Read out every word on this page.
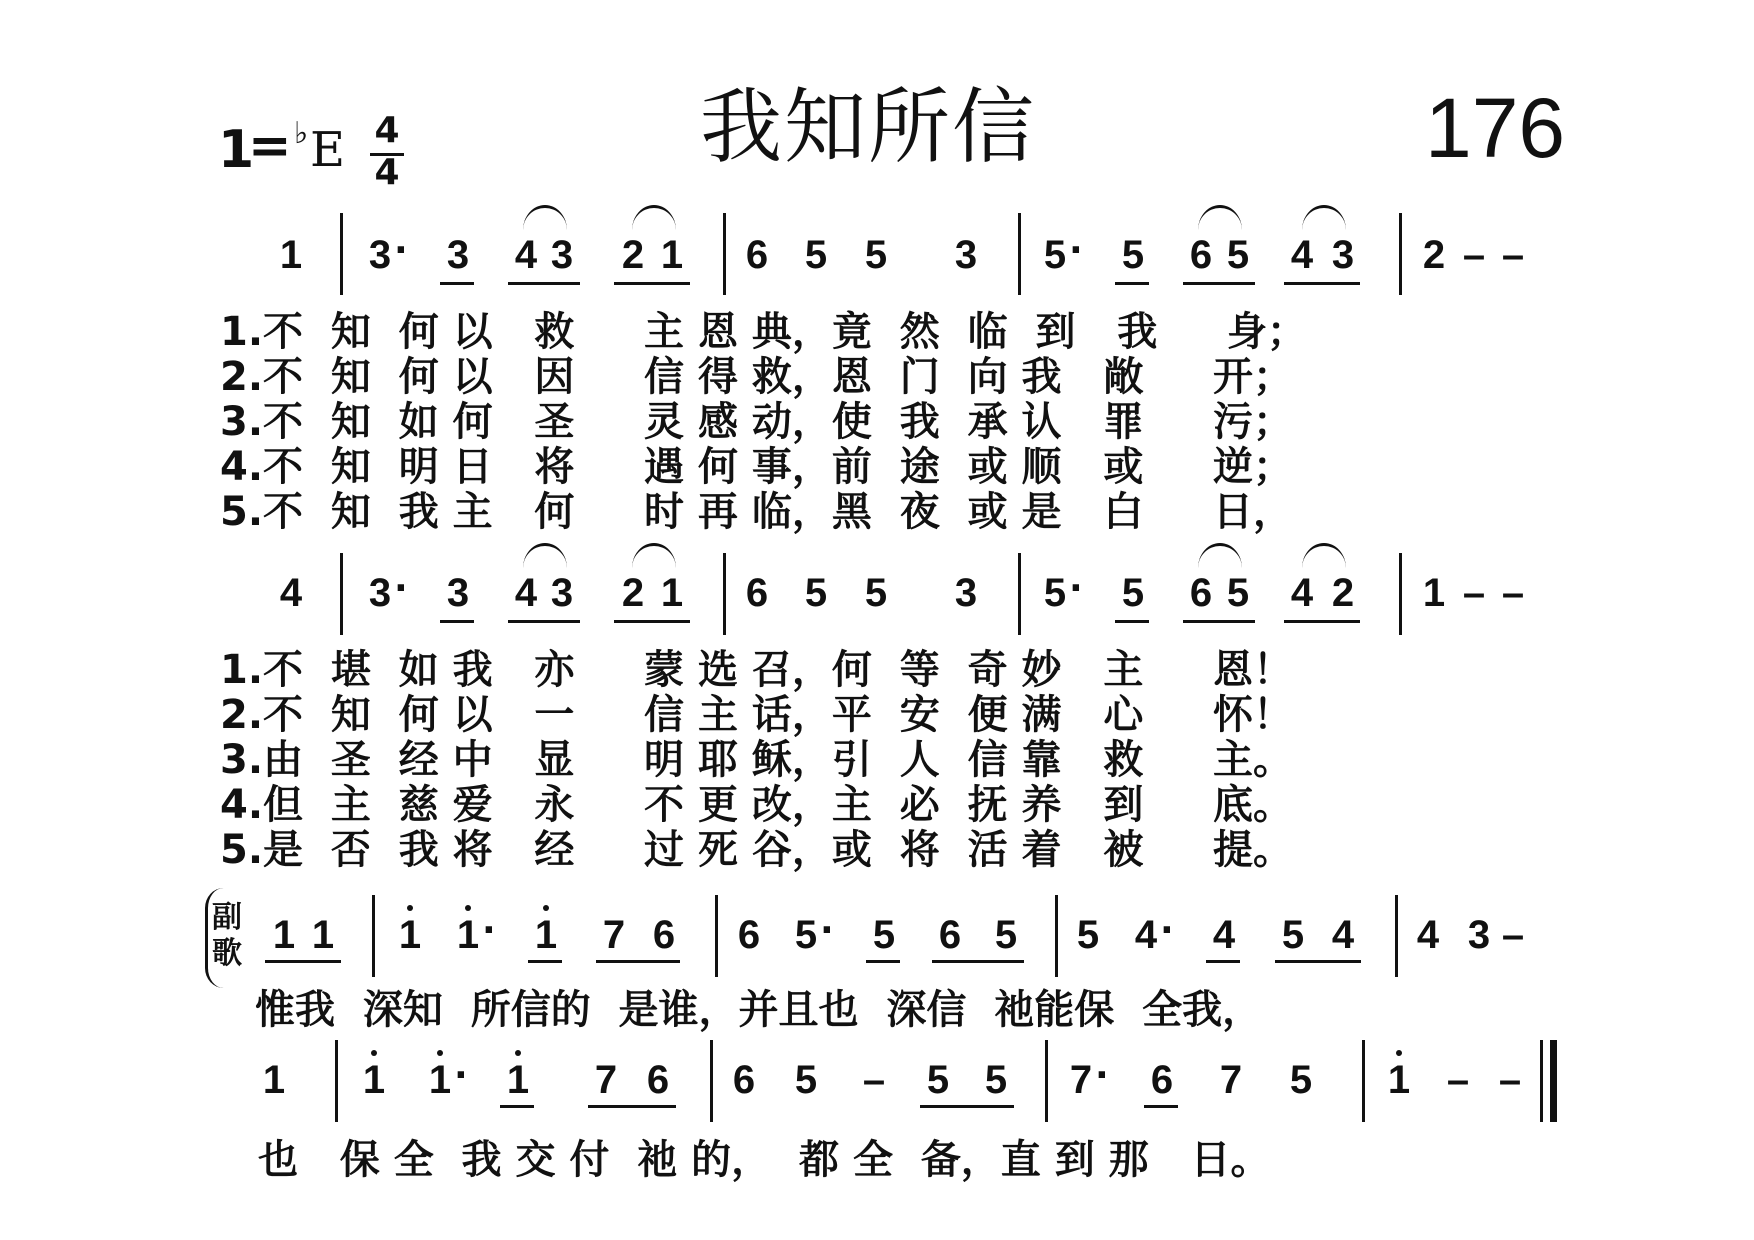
我知所信	176
1
= ♭ E 4
4
1 3 · 3 4 3 2 1 6 5 5 3 5 · 5 6 5 4 3 2 – –
1.不  知  何 以   救     主 恩 典，竟  然  临  到   我     身；
2.不  知  何 以   因     信 得 救，恩  门  向 我   敞     开；
3.不  知  如 何   圣     灵 感 动，使  我  承 认   罪     污；
4.不  知  明 日   将     遇 何 事，前  途  或 顺   或     逆；
5.不  知  我 主   何     时 再 临，黑  夜  或 是   白     日，
4 3 · 3 4 3 2 1 6 5 5 3 5 · 5 6 5 4 2 1 – –
1.不  堪  如 我   亦     蒙 选 召，何  等  奇 妙   主     恩！
2.不  知  何 以   一     信 主 话，平  安  便 满   心     怀！
3.由  圣  经 中   显     明 耶 稣，引  人  信 靠   救     主。
4.但  主  慈 爱   永     不 更 改，主  必  抚 养   到     底。
5.是  否  我 将   经     过 死 谷，或  将  活 着   被     提。
副歌 1 1 1 1 · 1 7 6 6 5 · 5 6 5 5 4 · 4 5 4 4 3 –
惟我  深知  所信的  是谁，并且也  深信  祂能保  全我，
1 1 1 · 1 7 6 6 5 – 5 5 7 · 6 7 5 1 – –
也   保 全  我 交 付  祂 的，  都 全  备，直 到 那   日。
